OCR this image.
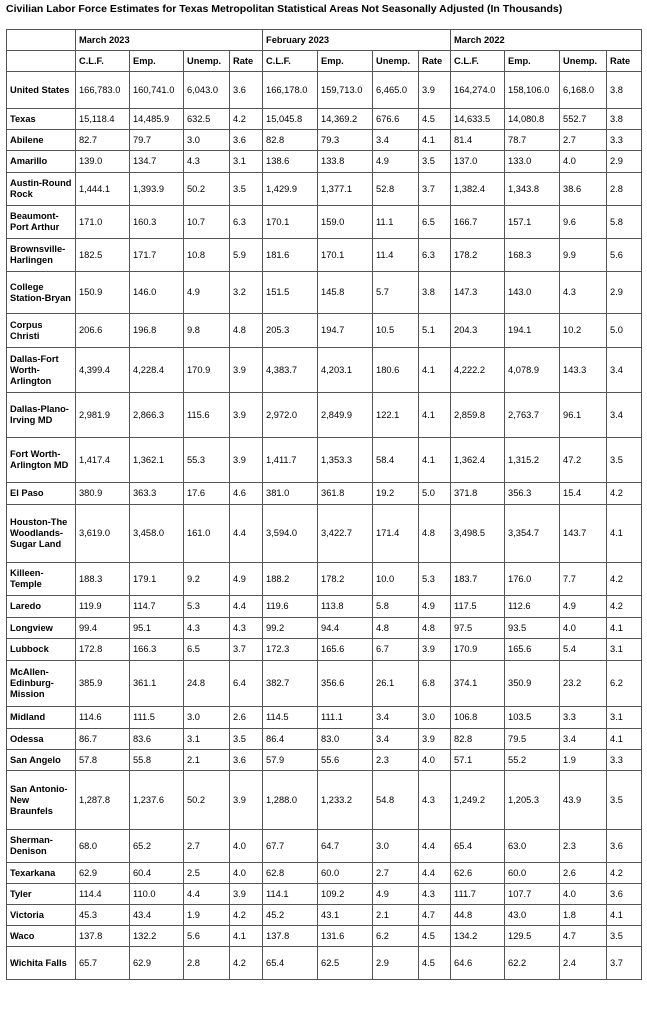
Civilian Labor Force Estimates for Texas Metropolitan Statistical Areas Not Seasonally Adjusted (In Thousands)
	March 2023				February 2023				March 2022			
	C.L.F.	Emp.	Unemp.	Rate	C.L.F.	Emp.	Unemp.	Rate	C.L.F.	Emp.	Unemp.	Rate
United States	166,783.0	160,741.0	6,043.0	3.6	166,178.0	159,713.0	6,465.0	3.9	164,274.0	158,106.0	6,168.0	3.8
Texas	15,118.4	14,485.9	632.5	4.2	15,045.8	14,369.2	676.6	4.5	14,633.5	14,080.8	552.7	3.8
Abilene	82.7	79.7	3.0	3.6	82.8	79.3	3.4	4.1	81.4	78.7	2.7	3.3
Amarillo	139.0	134.7	4.3	3.1	138.6	133.8	4.9	3.5	137.0	133.0	4.0	2.9
Austin-Round Rock	1,444.1	1,393.9	50.2	3.5	1,429.9	1,377.1	52.8	3.7	1,382.4	1,343.8	38.6	2.8
Beaumont-Port Arthur	171.0	160.3	10.7	6.3	170.1	159.0	11.1	6.5	166.7	157.1	9.6	5.8
Brownsville-Harlingen	182.5	171.7	10.8	5.9	181.6	170.1	11.4	6.3	178.2	168.3	9.9	5.6
College Station-Bryan	150.9	146.0	4.9	3.2	151.5	145.8	5.7	3.8	147.3	143.0	4.3	2.9
Corpus Christi	206.6	196.8	9.8	4.8	205.3	194.7	10.5	5.1	204.3	194.1	10.2	5.0
Dallas-Fort Worth-Arlington	4,399.4	4,228.4	170.9	3.9	4,383.7	4,203.1	180.6	4.1	4,222.2	4,078.9	143.3	3.4
Dallas-Plano-Irving MD	2,981.9	2,866.3	115.6	3.9	2,972.0	2,849.9	122.1	4.1	2,859.8	2,763.7	96.1	3.4
Fort Worth-Arlington MD	1,417.4	1,362.1	55.3	3.9	1,411.7	1,353.3	58.4	4.1	1,362.4	1,315.2	47.2	3.5
El Paso	380.9	363.3	17.6	4.6	381.0	361.8	19.2	5.0	371.8	356.3	15.4	4.2
Houston-The Woodlands-Sugar Land	3,619.0	3,458.0	161.0	4.4	3,594.0	3,422.7	171.4	4.8	3,498.5	3,354.7	143.7	4.1
Killeen-Temple	188.3	179.1	9.2	4.9	188.2	178.2	10.0	5.3	183.7	176.0	7.7	4.2
Laredo	119.9	114.7	5.3	4.4	119.6	113.8	5.8	4.9	117.5	112.6	4.9	4.2
Longview	99.4	95.1	4.3	4.3	99.2	94.4	4.8	4.8	97.5	93.5	4.0	4.1
Lubbock	172.8	166.3	6.5	3.7	172.3	165.6	6.7	3.9	170.9	165.6	5.4	3.1
McAllen-Edinburg-Mission	385.9	361.1	24.8	6.4	382.7	356.6	26.1	6.8	374.1	350.9	23.2	6.2
Midland	114.6	111.5	3.0	2.6	114.5	111.1	3.4	3.0	106.8	103.5	3.3	3.1
Odessa	86.7	83.6	3.1	3.5	86.4	83.0	3.4	3.9	82.8	79.5	3.4	4.1
San Angelo	57.8	55.8	2.1	3.6	57.9	55.6	2.3	4.0	57.1	55.2	1.9	3.3
San Antonio-New Braunfels	1,287.8	1,237.6	50.2	3.9	1,288.0	1,233.2	54.8	4.3	1,249.2	1,205.3	43.9	3.5
Sherman-Denison	68.0	65.2	2.7	4.0	67.7	64.7	3.0	4.4	65.4	63.0	2.3	3.6
Texarkana	62.9	60.4	2.5	4.0	62.8	60.0	2.7	4.4	62.6	60.0	2.6	4.2
Tyler	114.4	110.0	4.4	3.9	114.1	109.2	4.9	4.3	111.7	107.7	4.0	3.6
Victoria	45.3	43.4	1.9	4.2	45.2	43.1	2.1	4.7	44.8	43.0	1.8	4.1
Waco	137.8	132.2	5.6	4.1	137.8	131.6	6.2	4.5	134.2	129.5	4.7	3.5
Wichita Falls	65.7	62.9	2.8	4.2	65.4	62.5	2.9	4.5	64.6	62.2	2.4	3.7
